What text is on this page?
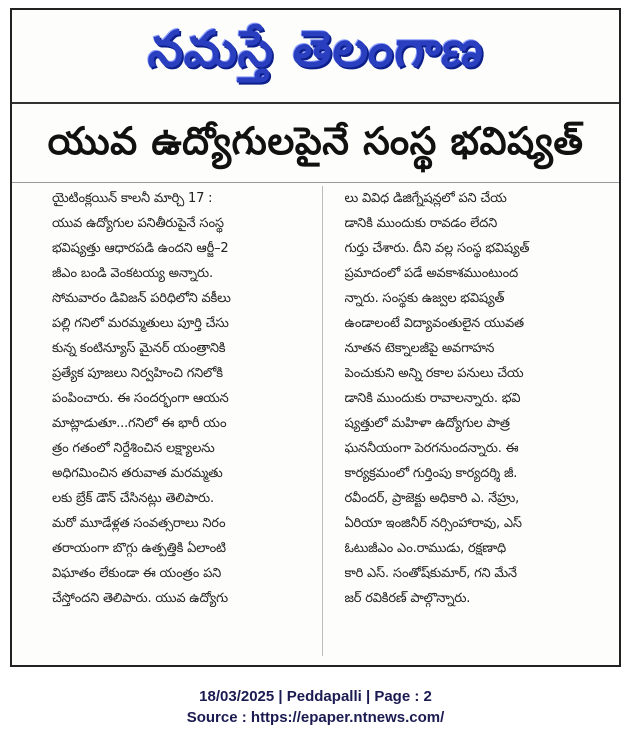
నమస్తే తెలంగాణ
యువ ఉద్యోగులపైనే సంస్థ భవిష్యత్
యైటింక్లయిన్ కాలనీ మార్చి 17 :
యువ ఉద్యోగుల పనితీరుపైనే సంస్థ
భవిష్యత్తు ఆధారపడి ఉందని ఆర్జీ–2
జీఎం బండి వెంకటయ్య అన్నారు.
సోమవారం డివిజన్ పరిధిలోని వకీలు
పల్లి గనిలో మరమ్మతులు పూర్తి చేసు
కున్న కంటిన్యూస్ మైనర్ యంత్రానికి
ప్రత్యేక పూజలు నిర్వహించి గనిలోకి
పంపించారు. ఈ సందర్భంగా ఆయన
మాట్లాడుతూ...గనిలో ఈ భారీ యం
త్రం గతంలో నిర్దేశించిన లక్ష్యాలను
అధిగమించిన తరువాత మరమ్మతు
లకు బ్రేక్ డౌన్ చేసినట్లు తెలిపారు.
మరో మూడేళ్లత సంవత్సరాలు నిరం
తరాయంగా బొగ్గు ఉత్పత్తికి ఏలాంటి
విఘాతం లేకుండా ఈ యంత్రం పని
చేస్తోందని తెలిపారు. యువ ఉద్యోగు
లు వివిధ డిజిగ్నేషన్లలో పని చేయ
డానికి ముందుకు రావడం లేదని
గుర్తు చేశారు. దీని వల్ల సంస్థ భవిష్యత్
ప్రమాదంలో పడే అవకాశముంటుంద
న్నారు. సంస్థకు ఉజ్వల భవిష్యత్
ఉండాలంటే విద్యావంతులైన యువత
నూతన టెక్నాలజీపై అవగాహన
పెంచుకుని అన్ని రకాల పనులు చేయ
డానికి ముందుకు రావాలన్నారు. భవి
ష్యత్తులో మహిళా ఉద్యోగుల పాత్ర
ఘననీయంగా పెరగనుందన్నారు. ఈ
కార్యక్రమంలో గుర్తింపు కార్యదర్శి జీ.
రవీందర్, ప్రాజెక్టు అధికారి ఎ. నేహ్రు,
ఏరియా ఇంజినీర్ నర్సింహారావు, ఎస్
ఓటుజీఎం ఎం.రాముడు, రక్షణాధి
కారి ఎస్. సంతోష్‌కుమార్, గని మేనే
జర్ రవికిరణ్ పాల్గొన్నారు.
18/03/2025 | Peddapalli | Page : 2
Source : https://epaper.ntnews.com/
